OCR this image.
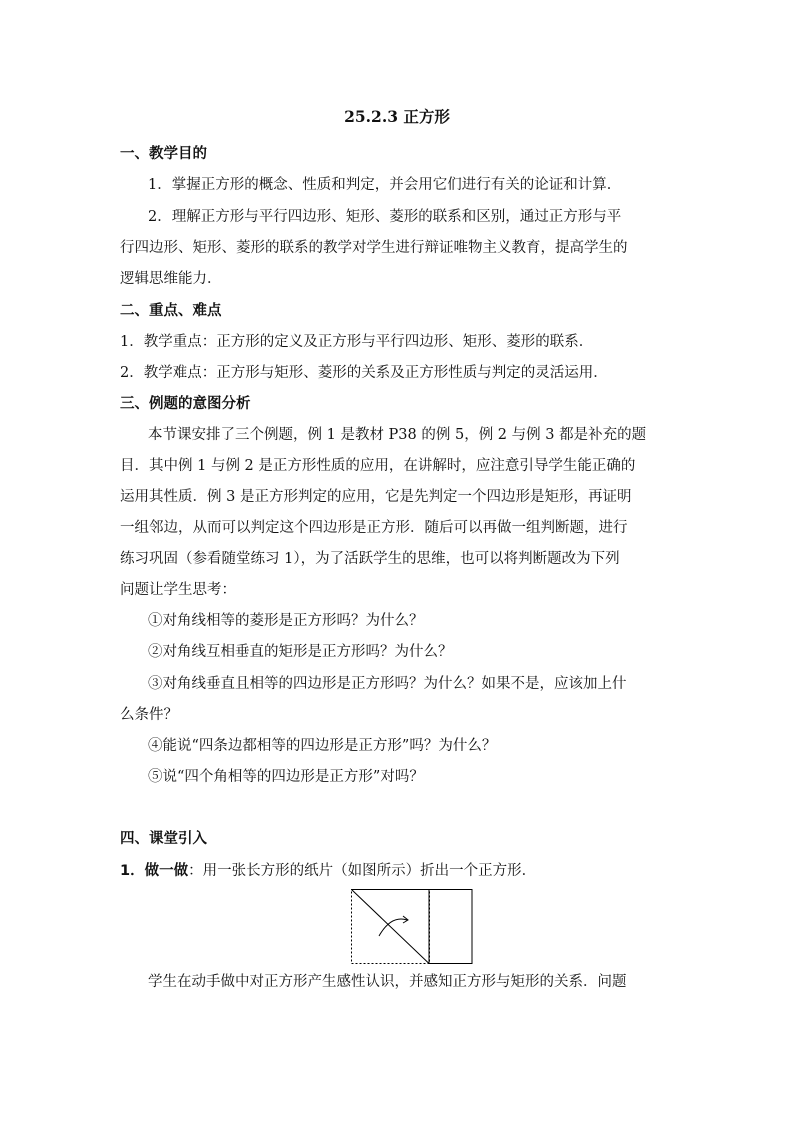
25.2.3 正方形
一、教学目的
1．掌握正方形的概念、性质和判定，并会用它们进行有关的论证和计算．
2．理解正方形与平行四边形、矩形、菱形的联系和区别，通过正方形与平
行四边形、矩形、菱形的联系的教学对学生进行辩证唯物主义教育，提高学生的
逻辑思维能力．
二、重点、难点
1．教学重点：正方形的定义及正方形与平行四边形、矩形、菱形的联系．
2．教学难点：正方形与矩形、菱形的关系及正方形性质与判定的灵活运用．
三、例题的意图分析
本节课安排了三个例题，例 1 是教材 P38 的例 5，例 2 与例 3 都是补充的题
目．其中例 1 与例 2 是正方形性质的应用，在讲解时，应注意引导学生能正确的
运用其性质．例 3 是正方形判定的应用，它是先判定一个四边形是矩形，再证明
一组邻边，从而可以判定这个四边形是正方形．随后可以再做一组判断题，进行
练习巩固（参看随堂练习 1），为了活跃学生的思维，也可以将判断题改为下列
问题让学生思考：
①对角线相等的菱形是正方形吗？为什么？
②对角线互相垂直的矩形是正方形吗？为什么？
③对角线垂直且相等的四边形是正方形吗？为什么？如果不是，应该加上什
么条件？
④能说“四条边都相等的四边形是正方形”吗？为什么？
⑤说“四个角相等的四边形是正方形”对吗？
四、课堂引入
1．做一做：用一张长方形的纸片（如图所示）折出一个正方形．
学生在动手做中对正方形产生感性认识，并感知正方形与矩形的关系．问题
